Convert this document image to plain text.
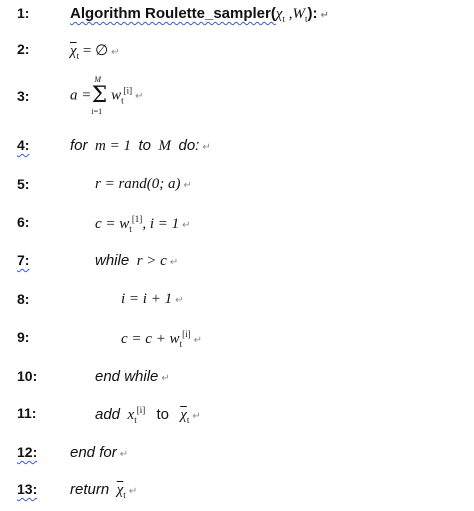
1:	Algorithm $Roulette\_sampler(\chi_t$ $,W_t$): ↵
2:	$\overline{\chi}_t$ = ∅ ↵
3:	a =
M
Σ
i=1
$w_t[i]↵$
4:	for m = 1 to M do: ↵
5:	r = rand(0; a) ↵
6:	$c = w_t[1]$, i = 1 ↵
7:	while r > c ↵
8:	i = i + 1 ↵
9:	$c = c + w_t[i]↵$
10:	end while ↵
11:	add $x_t[i]$ to $\overline{\chi}_t$ ↵
12: end for ↵
13: return $\overline{\chi}_t$ ↵
